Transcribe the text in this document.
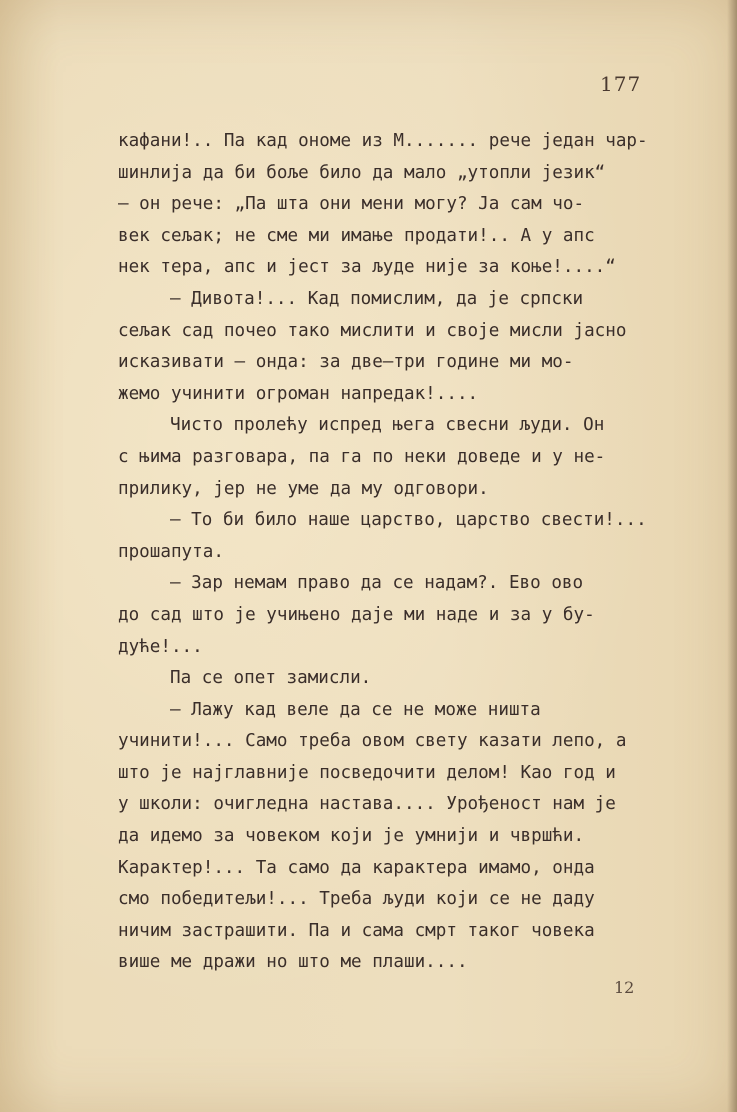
177
кафани!.. Па кад ономе из М....... рече један чар-
шинлија да би боље било да мало „утопли језик“
— он рече: „Па шта они мени могу? Ја сам чо-
век сељак; не сме ми имање продати!.. А у апс
нек тера, апс и јест за људе није за коње!....“
— Дивота!... Кад помислим, да је српски
сељак сад почео тако мислити и своје мисли јасно
исказивати — онда: за две—три године ми мо-
жемо учинити огроман напредак!....
Чисто пролећу испред њега свесни људи. Он
с њима разговара, па га по неки доведе и у не-
прилику, јер не уме да му одговори.
— То би било наше царство, царство свести!...
прошапута.
— Зар немам право да се надам?. Ево ово
до сад што је учињено даје ми наде и за у бу-
дуће!...
Па се опет замисли.
— Лажу кад веле да се не може ништа
учинити!... Само треба овом свету казати лепо, а
што је најглавније посведочити делом! Као год и
у школи: очигледна настава.... Урођеност нам је
да идемо за човеком који је умнији и чвршћи.
Карактер!... Та само да карактера имамо, онда
смо победитељи!... Треба људи који се не даду
ничим застрашити. Па и сама смрт таког човека
више ме дражи но што ме плаши....
12
